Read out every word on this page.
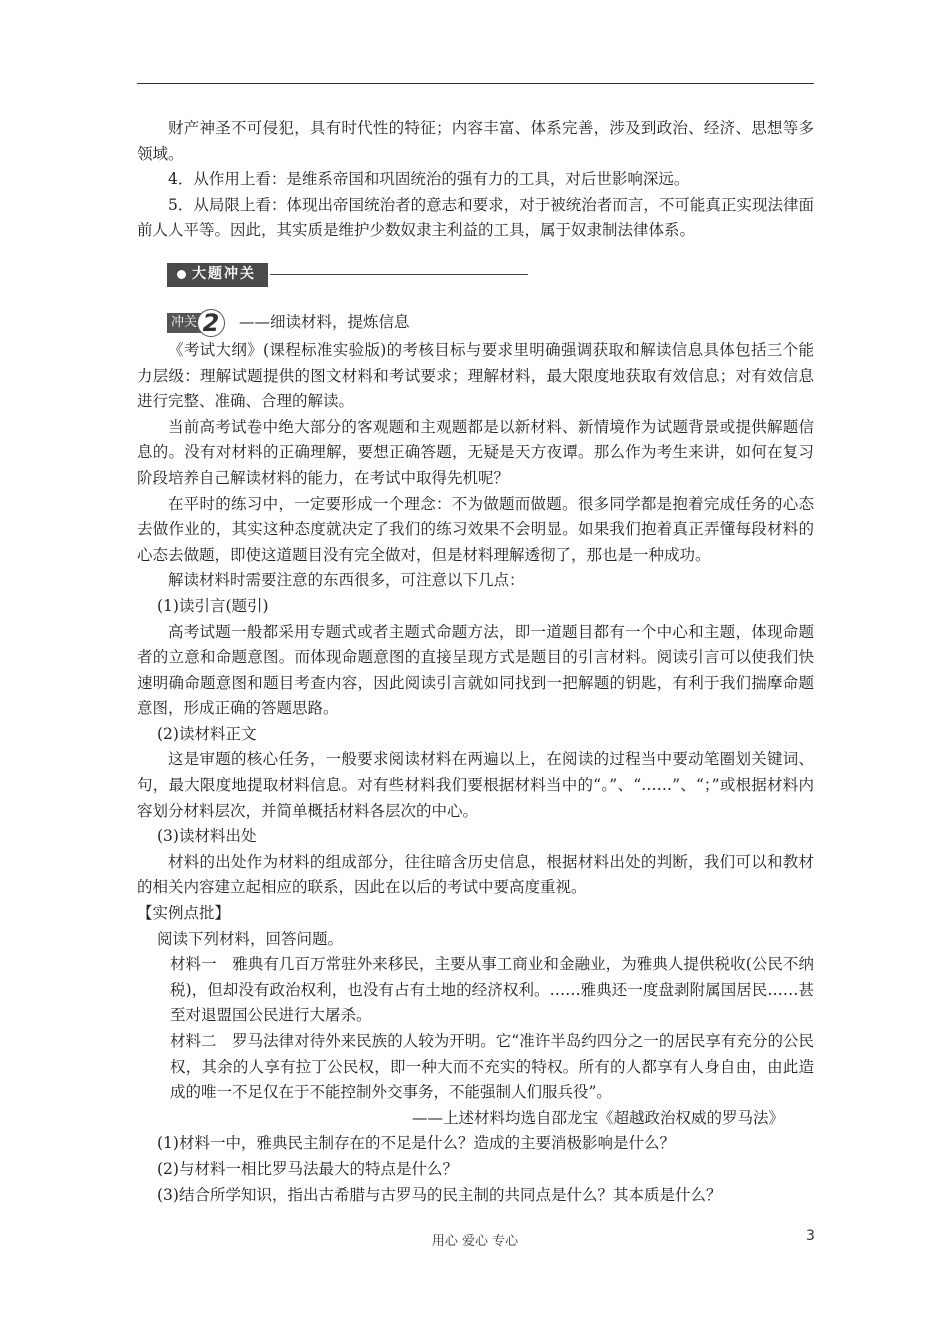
财产神圣不可侵犯，具有时代性的特征；内容丰富、体系完善，涉及到政治、经济、思想等多领域。

4．从作用上看：是维系帝国和巩固统治的强有力的工具，对后世影响深远。

5．从局限上看：体现出帝国统治者的意志和要求，对于被统治者而言，不可能真正实现法律面前人人平等。因此，其实质是维护少数奴隶主利益的工具，属于奴隶制法律体系。

大题冲关
冲关 2	——细读材料，提炼信息

《考试大纲》(课程标准实验版)的考核目标与要求里明确强调获取和解读信息具体包括三个能力层级：理解试题提供的图文材料和考试要求；理解材料，最大限度地获取有效信息；对有效信息进行完整、准确、合理的解读。

当前高考试卷中绝大部分的客观题和主观题都是以新材料、新情境作为试题背景或提供解题信息的。没有对材料的正确理解，要想正确答题，无疑是天方夜谭。那么作为考生来讲，如何在复习阶段培养自己解读材料的能力，在考试中取得先机呢？

在平时的练习中，一定要形成一个理念：不为做题而做题。很多同学都是抱着完成任务的心态去做作业的，其实这种态度就决定了我们的练习效果不会明显。如果我们抱着真正弄懂每段材料的心态去做题，即使这道题目没有完全做对，但是材料理解透彻了，那也是一种成功。

解读材料时需要注意的东西很多，可注意以下几点：

(1)读引言(题引)

高考试题一般都采用专题式或者主题式命题方法，即一道题目都有一个中心和主题，体现命题者的立意和命题意图。而体现命题意图的直接呈现方式是题目的引言材料。阅读引言可以使我们快速明确命题意图和题目考查内容，因此阅读引言就如同找到一把解题的钥匙，有利于我们揣摩命题意图，形成正确的答题思路。

(2)读材料正文

这是审题的核心任务，一般要求阅读材料在两遍以上，在阅读的过程当中要动笔圈划关键词、句，最大限度地提取材料信息。对有些材料我们要根据材料当中的“。”、“……”、“；”或根据材料内容划分材料层次，并简单概括材料各层次的中心。

(3)读材料出处

材料的出处作为材料的组成部分，往往暗含历史信息，根据材料出处的判断，我们可以和教材的相关内容建立起相应的联系，因此在以后的考试中要高度重视。

【实例点批】

阅读下列材料，回答问题。

材料一　雅典有几百万常驻外来移民，主要从事工商业和金融业，为雅典人提供税收(公民不纳税)，但却没有政治权利，也没有占有土地的经济权利。……雅典还一度盘剥附属国居民……甚至对退盟国公民进行大屠杀。

材料二　罗马法律对待外来民族的人较为开明。它“准许半岛约四分之一的居民享有充分的公民权，其余的人享有拉丁公民权，即一种大而不充实的特权。所有的人都享有人身自由，由此造成的唯一不足仅在于不能控制外交事务，不能强制人们服兵役”。

——上述材料均选自邵龙宝《超越政治权威的罗马法》

(1)材料一中，雅典民主制存在的不足是什么？造成的主要消极影响是什么？

(2)与材料一相比罗马法最大的特点是什么？

(3)结合所学知识，指出古希腊与古罗马的民主制的共同点是什么？其本质是什么？

用心 爱心 专心	3
